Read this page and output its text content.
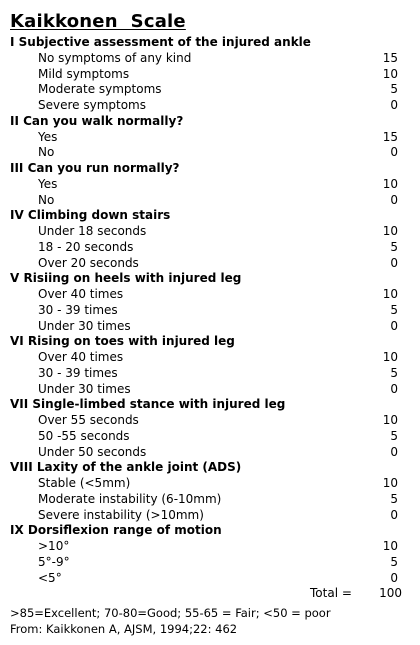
Kaikkonen  Scale
I Subjective assessment of the injured ankle
No symptoms of any kind	15
Mild symptoms	10
Moderate symptoms	5
Severe symptoms	0
II Can you walk normally?
Yes	15
No	0
III Can you run normally?
Yes	10
No	0
IV Climbing down stairs
Under 18 seconds	10
18 - 20 seconds	5
Over 20 seconds	0
V Risiing on heels with injured leg
Over 40 times	10
30 - 39 times	5
Under 30 times	0
VI Rising on toes with injured leg
Over 40 times	10
30 - 39 times	5
Under 30 times	0
VII Single-limbed stance with injured leg
Over 55 seconds	10
50 -55 seconds	5
Under 50 seconds	0
VIII Laxity of the ankle joint (ADS)
Stable (<5mm)	10
Moderate instability (6-10mm)	5
Severe instability (>10mm)	0
IX Dorsiflexion range of motion
>10°	10
5°-9°	5
<5°	0
Total = 100
>85=Excellent; 70-80=Good; 55-65 = Fair; <50 = poor
From: Kaikkonen A, AJSM, 1994;22: 462
